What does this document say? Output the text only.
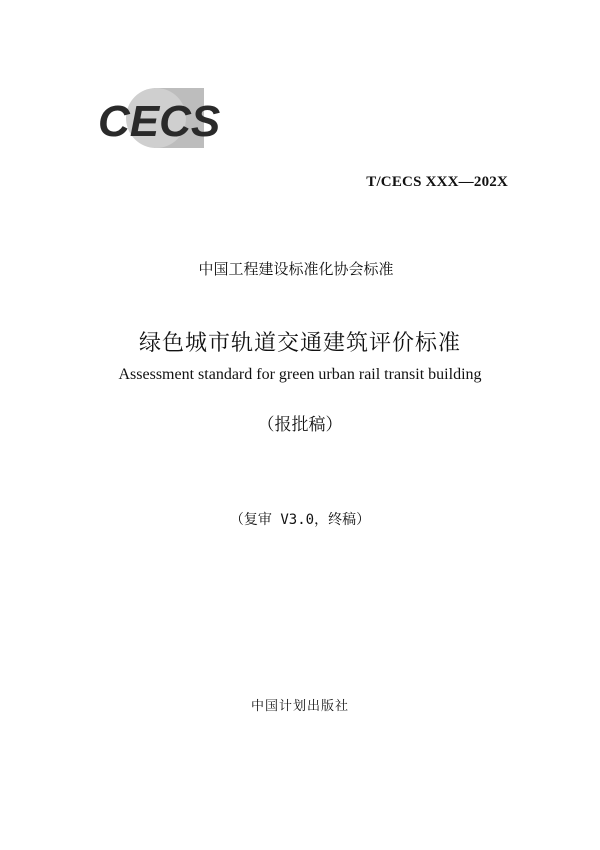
CECS
T/CECS XXX—202X
中国工程建设标准化协会标准
绿色城市轨道交通建筑评价标准
Assessment standard for green urban rail transit building
（报批稿）
（复审 V3.0，终稿）
中国计划出版社
